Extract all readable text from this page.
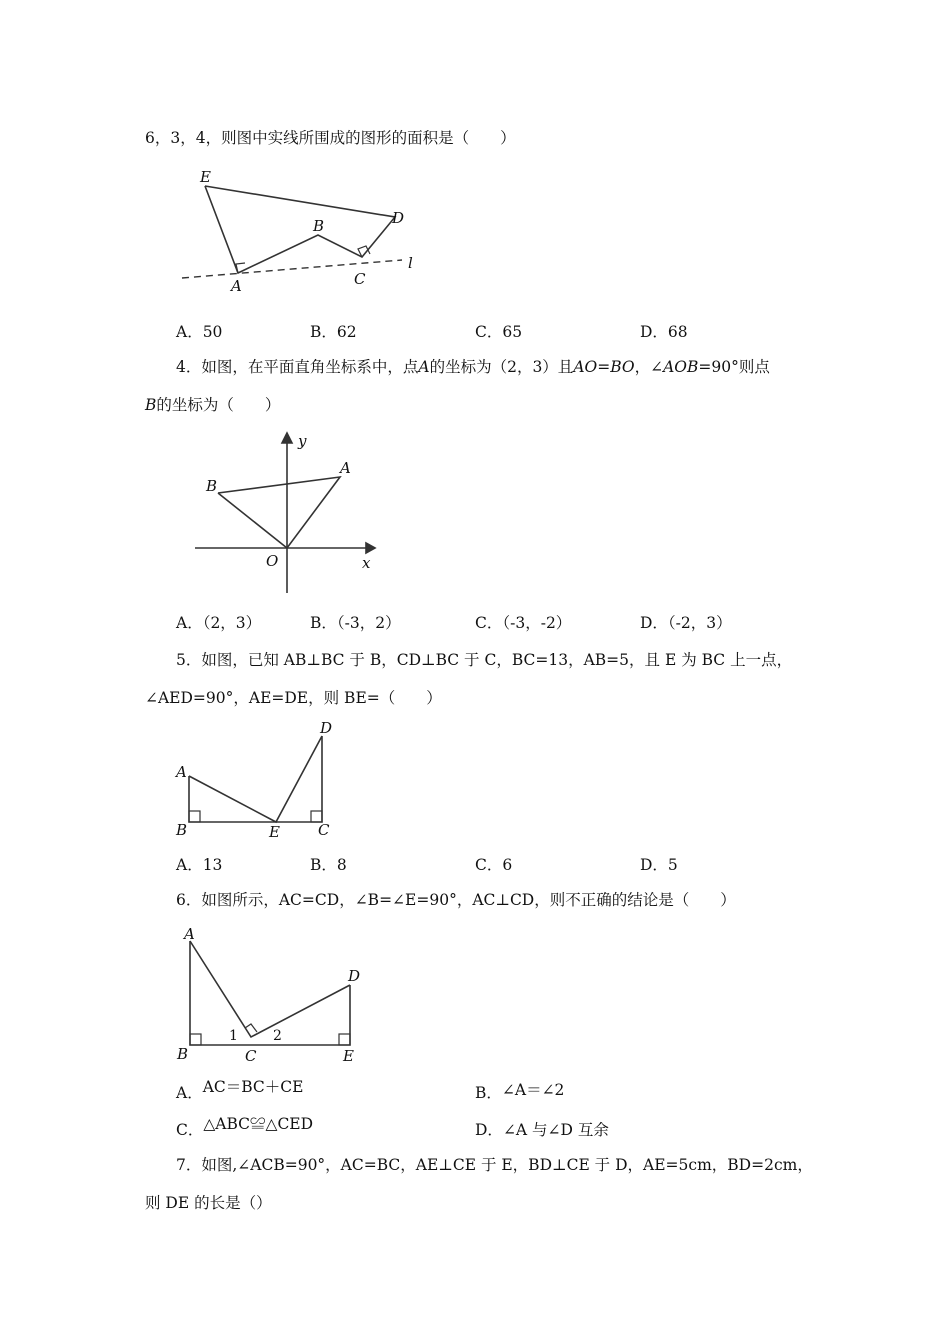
6，3，4，则图中实线所围成的图形的面积是（　　）
E
B	D
A	C
l
A．50	B．62	C．65	D．68
4．如图，在平面直角坐标系中，点A的坐标为（2，3）且AO=BO，∠AOB=90°则点
B的坐标为（　　）
y
A
B
O	x
A．（2，3）	B．（-3，2）	C．（-3，-2）	D．（-2，3）
5．如图，已知 AB⊥BC 于 B，CD⊥BC 于 C，BC=13，AB=5，且 E 为 BC 上一点，
∠AED=90°，AE=DE，则 BE=（　　）
D
A
B	E	C
A．13	B．8	C．6	D．5
6．如图所示，AC=CD，∠B=∠E=90°，AC⊥CD，则不正确的结论是（　　）
A
D
B	C	E
1	2
A．AC＝BC＋CE	B．∠A＝∠2
C．△ABC≌△CED	D．∠A 与∠D 互余
7．如图,∠ACB=90°，AC=BC，AE⊥CE 于 E，BD⊥CE 于 D，AE=5cm，BD=2cm，
则 DE 的长是（）
